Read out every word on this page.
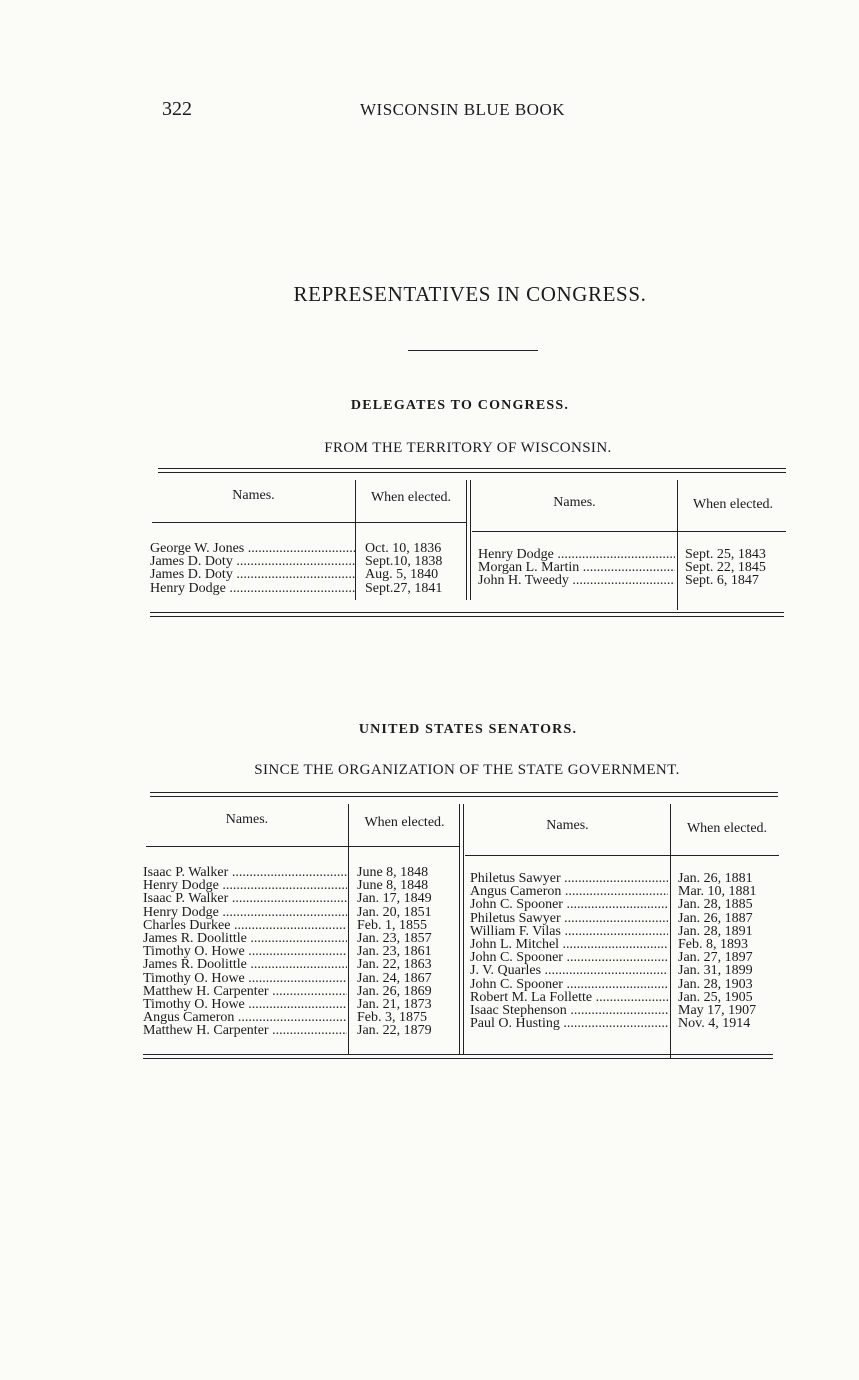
322	WISCONSIN BLUE BOOK
REPRESENTATIVES IN CONGRESS.
DELEGATES TO CONGRESS.
FROM THE TERRITORY OF WISCONSIN.
Names.	When elected.	Names.	When elected.
George W. Jones .....	Oct. 10, 1836
James D. Doty .....	Sept.10, 1838
James D. Doty .....	Aug. 5, 1840
Henry Dodge .....	Sept.27, 1841
Henry Dodge .....	Sept. 25, 1843
Morgan L. Martin .....	Sept. 22, 1845
John H. Tweedy .....	Sept. 6, 1847
UNITED STATES SENATORS.
SINCE THE ORGANIZATION OF THE STATE GOVERNMENT.
Names.	When elected.	Names.	When elected.
Isaac P. Walker .....	June 8, 1848
Henry Dodge .....	June 8, 1848
Isaac P. Walker .....	Jan. 17, 1849
Henry Dodge .....	Jan. 20, 1851
Charles Durkee .....	Feb. 1, 1855
James R. Doolittle .....	Jan. 23, 1857
Timothy O. Howe .....	Jan. 23, 1861
James R. Doolittle .....	Jan. 22, 1863
Timothy O. Howe .....	Jan. 24, 1867
Matthew H. Carpenter .....	Jan. 26, 1869
Timothy O. Howe .....	Jan. 21, 1873
Angus Cameron .....	Feb. 3, 1875
Matthew H. Carpenter .....	Jan. 22, 1879
Philetus Sawyer .....	Jan. 26, 1881
Angus Cameron .....	Mar. 10, 1881
John C. Spooner .....	Jan. 28, 1885
Philetus Sawyer .....	Jan. 26, 1887
William F. Vilas .....	Jan. 28, 1891
John L. Mitchel .....	Feb. 8, 1893
John C. Spooner .....	Jan. 27, 1897
J. V. Quarles .....	Jan. 31, 1899
John C. Spooner .....	Jan. 28, 1903
Robert M. La Follette .....	Jan. 25, 1905
Isaac Stephenson .....	May 17, 1907
Paul O. Husting .....	Nov. 4, 1914
